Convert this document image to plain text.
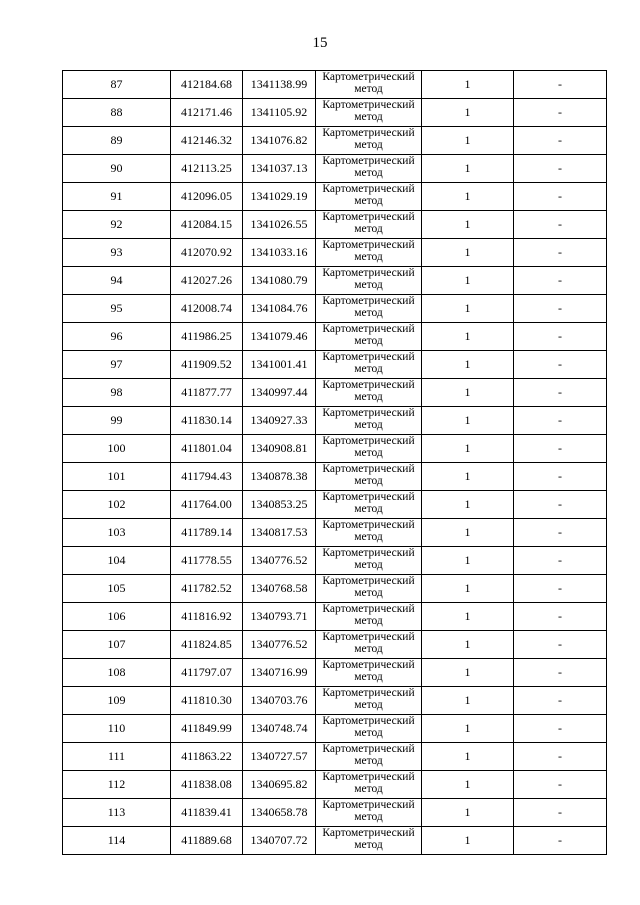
15
87	412184.68	1341138.99	Картометрический
метод	1	-
88	412171.46	1341105.92	Картометрический
метод	1	-
89	412146.32	1341076.82	Картометрический
метод	1	-
90	412113.25	1341037.13	Картометрический
метод	1	-
91	412096.05	1341029.19	Картометрический
метод	1	-
92	412084.15	1341026.55	Картометрический
метод	1	-
93	412070.92	1341033.16	Картометрический
метод	1	-
94	412027.26	1341080.79	Картометрический
метод	1	-
95	412008.74	1341084.76	Картометрический
метод	1	-
96	411986.25	1341079.46	Картометрический
метод	1	-
97	411909.52	1341001.41	Картометрический
метод	1	-
98	411877.77	1340997.44	Картометрический
метод	1	-
99	411830.14	1340927.33	Картометрический
метод	1	-
100	411801.04	1340908.81	Картометрический
метод	1	-
101	411794.43	1340878.38	Картометрический
метод	1	-
102	411764.00	1340853.25	Картометрический
метод	1	-
103	411789.14	1340817.53	Картометрический
метод	1	-
104	411778.55	1340776.52	Картометрический
метод	1	-
105	411782.52	1340768.58	Картометрический
метод	1	-
106	411816.92	1340793.71	Картометрический
метод	1	-
107	411824.85	1340776.52	Картометрический
метод	1	-
108	411797.07	1340716.99	Картометрический
метод	1	-
109	411810.30	1340703.76	Картометрический
метод	1	-
110	411849.99	1340748.74	Картометрический
метод	1	-
111	411863.22	1340727.57	Картометрический
метод	1	-
112	411838.08	1340695.82	Картометрический
метод	1	-
113	411839.41	1340658.78	Картометрический
метод	1	-
114	411889.68	1340707.72	Картометрический
метод	1	-
